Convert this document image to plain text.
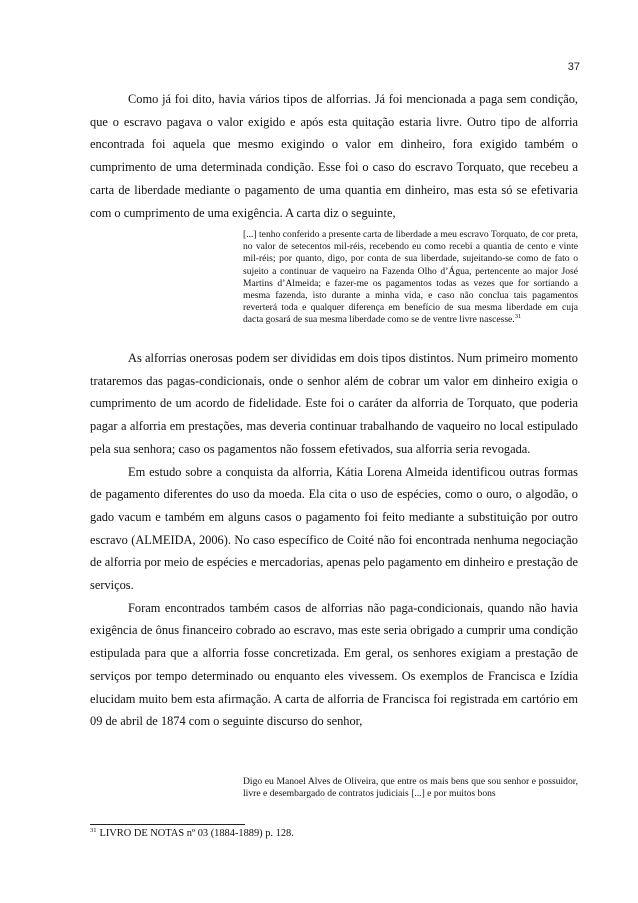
37

Como já foi dito, havia vários tipos de alforrias. Já foi mencionada a paga sem condição, que o escravo pagava o valor exigido e após esta quitação estaria livre. Outro tipo de alforria encontrada foi aquela que mesmo exigindo o valor em dinheiro, fora exigido também o cumprimento de uma determinada condição. Esse foi o caso do escravo Torquato, que recebeu a carta de liberdade mediante o pagamento de uma quantia em dinheiro, mas esta só se efetivaria com o cumprimento de uma exigência. A carta diz o seguinte,

[...] tenho conferido a presente carta de liberdade a meu escravo Torquato, de cor preta, no valor de setecentos mil-réis, recebendo eu como recebi a quantia de cento e vinte mil-réis; por quanto, digo, por conta de sua liberdade, sujeitando-se como de fato o sujeito a continuar de vaqueiro na Fazenda Olho d’Água, pertencente ao major José Martins d’Almeida; e fazer-me os pagamentos todas as vezes que for sortiando a mesma fazenda, isto durante a minha vida, e caso não conclua tais pagamentos reverterá toda e qualquer diferença em benefício de sua mesma liberdade em cuja dacta gosará de sua mesma liberdade como se de ventre livre nascesse.$^{31}$

As alforrias onerosas podem ser divididas em dois tipos distintos. Num primeiro momento trataremos das pagas-condicionais, onde o senhor além de cobrar um valor em dinheiro exigia o cumprimento de um acordo de fidelidade. Este foi o caráter da alforria de Torquato, que poderia pagar a alforria em prestações, mas deveria continuar trabalhando de vaqueiro no local estipulado pela sua senhora; caso os pagamentos não fossem efetivados, sua alforria seria revogada.

Em estudo sobre a conquista da alforria, Kátia Lorena Almeida identificou outras formas de pagamento diferentes do uso da moeda. Ela cita o uso de espécies, como o ouro, o algodão, o gado vacum e também em alguns casos o pagamento foi feito mediante a substituição por outro escravo (ALMEIDA, 2006). No caso específico de Coité não foi encontrada nenhuma negociação de alforria por meio de espécies e mercadorias, apenas pelo pagamento em dinheiro e prestação de serviços.

Foram encontrados também casos de alforrias não paga-condicionais, quando não havia exigência de ônus financeiro cobrado ao escravo, mas este seria obrigado a cumprir uma condição estipulada para que a alforria fosse concretizada. Em geral, os senhores exigiam a prestação de serviços por tempo determinado ou enquanto eles vivessem. Os exemplos de Francisca e Izídia elucidam muito bem esta afirmação. A carta de alforria de Francisca foi registrada em cartório em 09 de abril de 1874 com o seguinte discurso do senhor,

Digo eu Manoel Alves de Oliveira, que entre os mais bens que sou senhor e possuidor, livre e desembargado de contratos judiciais [...] e por muitos bons

$^{31}$ LIVRO DE NOTAS nº 03 (1884-1889) p. 128.
